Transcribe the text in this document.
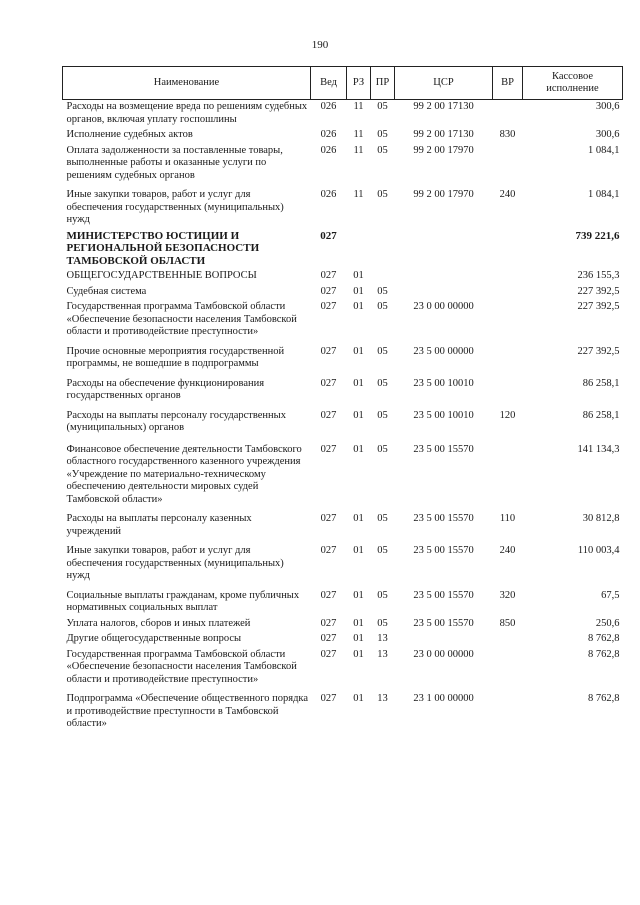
190
Наименование	Вед	РЗ	ПР	ЦСР	ВР	Кассовое исполнение
Расходы на возмещение вреда по решениям судебных органов, включая уплату госпошлины	026	11	05	99 2 00 17130		300,6
Исполнение судебных актов	026	11	05	99 2 00 17130	830	300,6
Оплата задолженности за поставленные товары, выполненные работы и оказанные услуги по решениям судебных органов	026	11	05	99 2 00 17970		1 084,1
Иные закупки товаров, работ и услуг для обеспечения государственных (муниципальных) нужд	026	11	05	99 2 00 17970	240	1 084,1
МИНИСТЕРСТВО ЮСТИЦИИ И РЕГИОНАЛЬНОЙ БЕЗОПАСНОСТИ ТАМБОВСКОЙ ОБЛАСТИ	027					739 221,6
ОБЩЕГОСУДАРСТВЕННЫЕ ВОПРОСЫ	027	01				236 155,3
Судебная система	027	01	05			227 392,5
Государственная программа Тамбовской области «Обеспечение безопасности населения Тамбовской области и противодействие преступности»	027	01	05	23 0 00 00000		227 392,5
Прочие основные мероприятия государственной программы, не вошедшие в подпрограммы	027	01	05	23 5 00 00000		227 392,5
Расходы на обеспечение функционирования государственных органов	027	01	05	23 5 00 10010		86 258,1
Расходы на выплаты персоналу государственных (муниципальных) органов	027	01	05	23 5 00 10010	120	86 258,1
Финансовое обеспечение деятельности Тамбовского областного государственного казенного учреждения «Учреждение по материально-техническому обеспечению деятельности мировых судей Тамбовской области»	027	01	05	23 5 00 15570		141 134,3
Расходы на выплаты персоналу казенных учреждений	027	01	05	23 5 00 15570	110	30 812,8
Иные закупки товаров, работ и услуг для обеспечения государственных (муниципальных) нужд	027	01	05	23 5 00 15570	240	110 003,4
Социальные выплаты гражданам, кроме публичных нормативных социальных выплат	027	01	05	23 5 00 15570	320	67,5
Уплата налогов, сборов и иных платежей	027	01	05	23 5 00 15570	850	250,6
Другие общегосударственные вопросы	027	01	13			8 762,8
Государственная программа Тамбовской области «Обеспечение безопасности населения Тамбовской области и противодействие преступности»	027	01	13	23 0 00 00000		8 762,8
Подпрограмма «Обеспечение общественного порядка и противодействие преступности в Тамбовской области»	027	01	13	23 1 00 00000		8 762,8
